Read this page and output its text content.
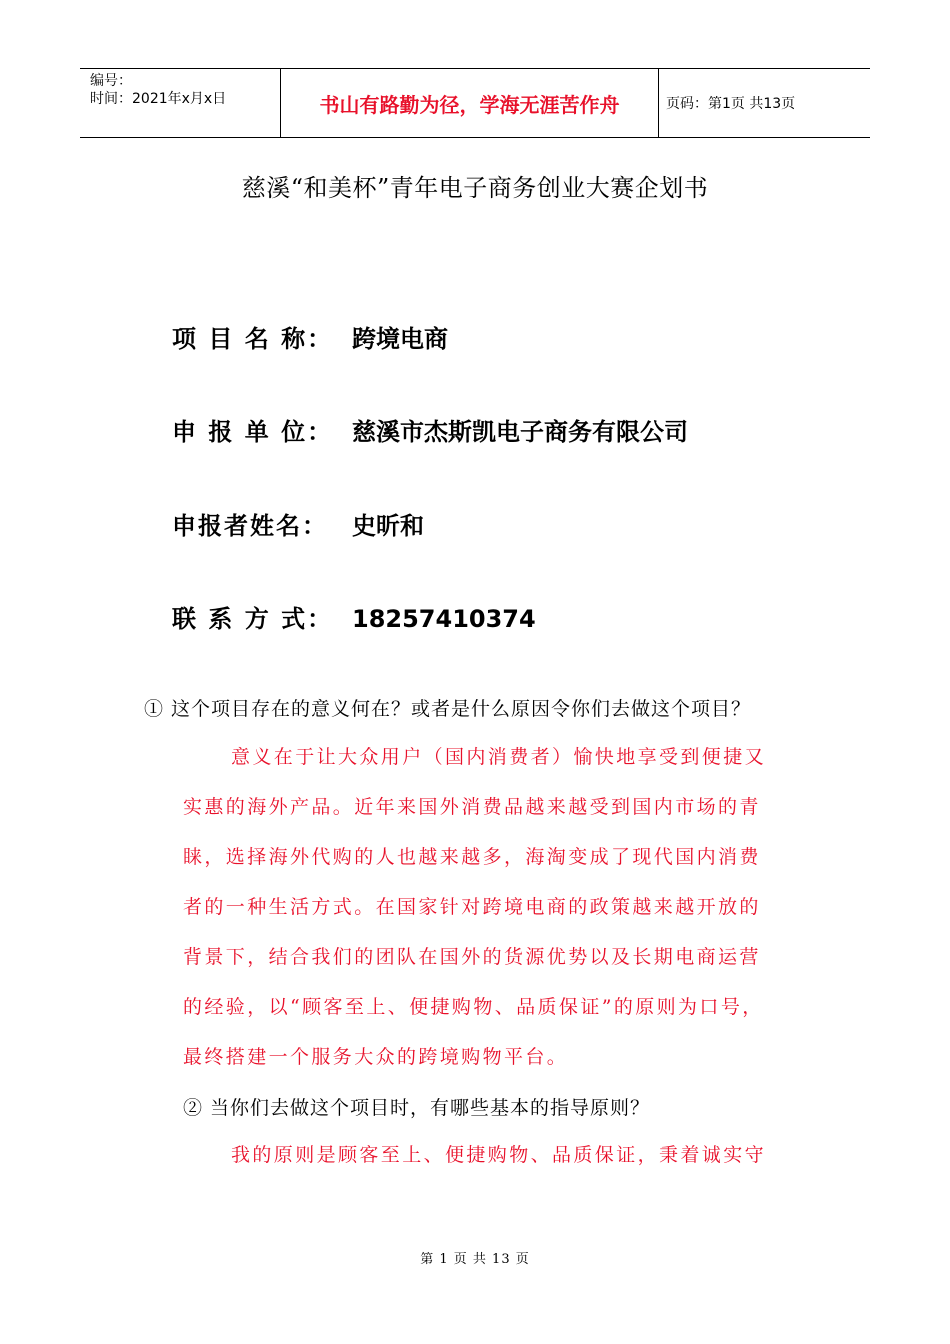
编号：
时间：2021年x月x日	书山有路勤为径，学海无涯苦作舟	页码：第1页 共13页
慈溪“和美杯”青年电子商务创业大赛企划书
项 目 名 称： 跨境电商
申 报 单 位： 慈溪市杰斯凯电子商务有限公司
申报者姓名： 史昕和
联 系 方 式： 18257410374
① 这个项目存在的意义何在？或者是什么原因令你们去做这个项目？
意义在于让大众用户（国内消费者）愉快地享受到便捷又
实惠的海外产品。近年来国外消费品越来越受到国内市场的青
睐，选择海外代购的人也越来越多，海淘变成了现代国内消费
者的一种生活方式。在国家针对跨境电商的政策越来越开放的
背景下，结合我们的团队在国外的货源优势以及长期电商运营
的经验，以“顾客至上、便捷购物、品质保证”的原则为口号，
最终搭建一个服务大众的跨境购物平台。
② 当你们去做这个项目时，有哪些基本的指导原则？
我的原则是顾客至上、便捷购物、品质保证，秉着诚实守
第 1 页 共 13 页
